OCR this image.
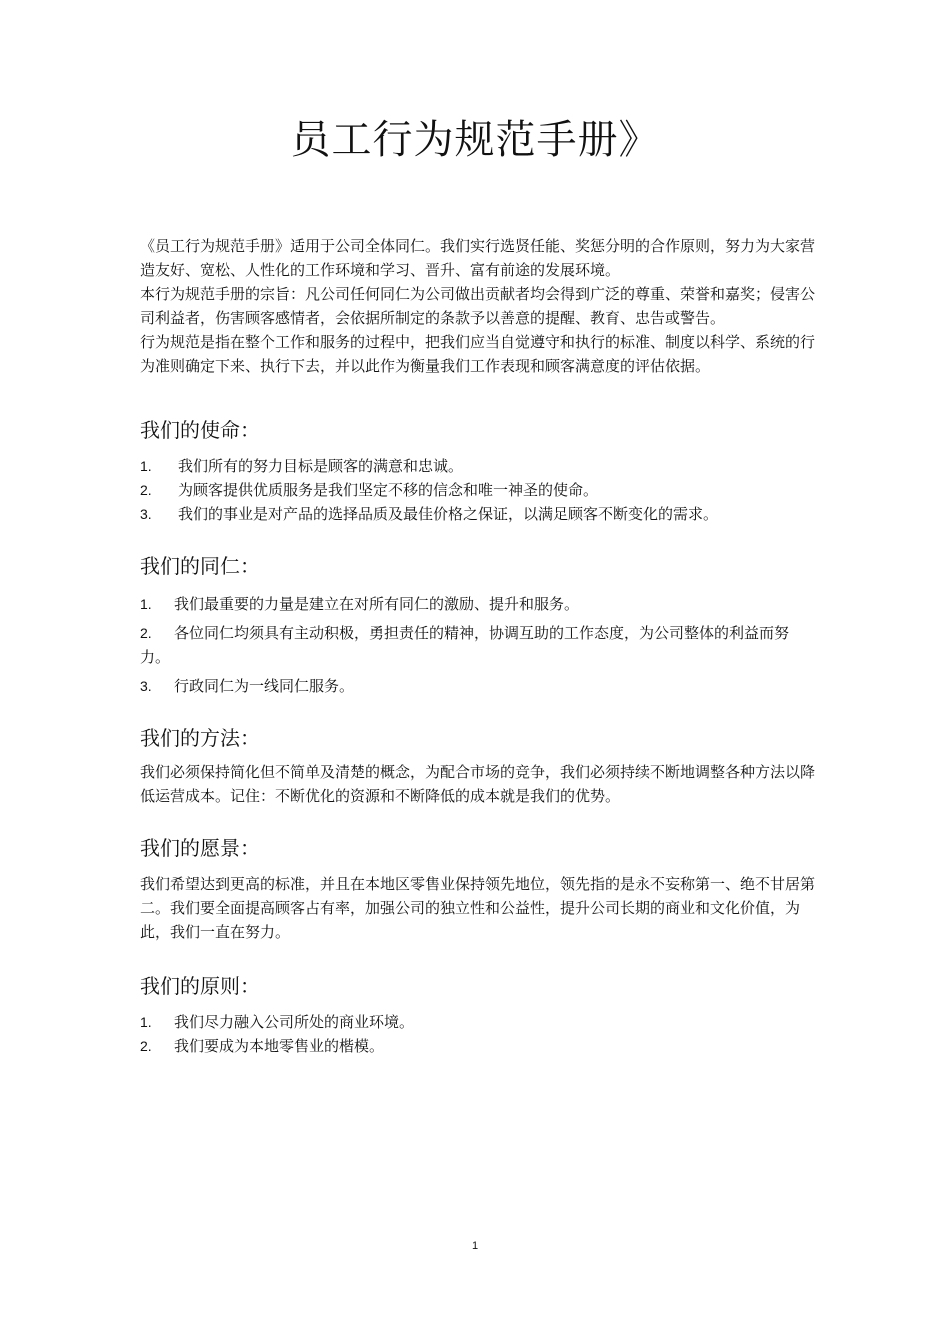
员工行为规范手册》

《员工行为规范手册》适用于公司全体同仁。我们实行选贤任能、奖惩分明的合作原则，努力为大家营造友好、宽松、人性化的工作环境和学习、晋升、富有前途的发展环境。

本行为规范手册的宗旨：凡公司任何同仁为公司做出贡献者均会得到广泛的尊重、荣誉和嘉奖；侵害公司利益者，伤害顾客感情者，会依据所制定的条款予以善意的提醒、教育、忠告或警告。

行为规范是指在整个工作和服务的过程中，把我们应当自觉遵守和执行的标准、制度以科学、系统的行为准则确定下来、执行下去，并以此作为衡量我们工作表现和顾客满意度的评估依据。

我们的使命：
1.	我们所有的努力目标是顾客的满意和忠诚。
2.	为顾客提供优质服务是我们坚定不移的信念和唯一神圣的使命。
3.	我们的事业是对产品的选择品质及最佳价格之保证，以满足顾客不断变化的需求。
我们的同仁：

1. 我们最重要的力量是建立在对所有同仁的激励、提升和服务。

2. 各位同仁均须具有主动积极，勇担责任的精神，协调互助的工作态度，为公司整体的利益而努力。

3. 行政同仁为一线同仁服务。

我们的方法：

我们必须保持简化但不简单及清楚的概念，为配合市场的竞争，我们必须持续不断地调整各种方法以降低运营成本。记住：不断优化的资源和不断降低的成本就是我们的优势。

我们的愿景：

我们希望达到更高的标准，并且在本地区零售业保持领先地位，领先指的是永不妄称第一、绝不甘居第二。我们要全面提高顾客占有率，加强公司的独立性和公益性，提升公司长期的商业和文化价值，为此，我们一直在努力。

我们的原则：
1.	我们尽力融入公司所处的商业环境。
2.	我们要成为本地零售业的楷模。
1
